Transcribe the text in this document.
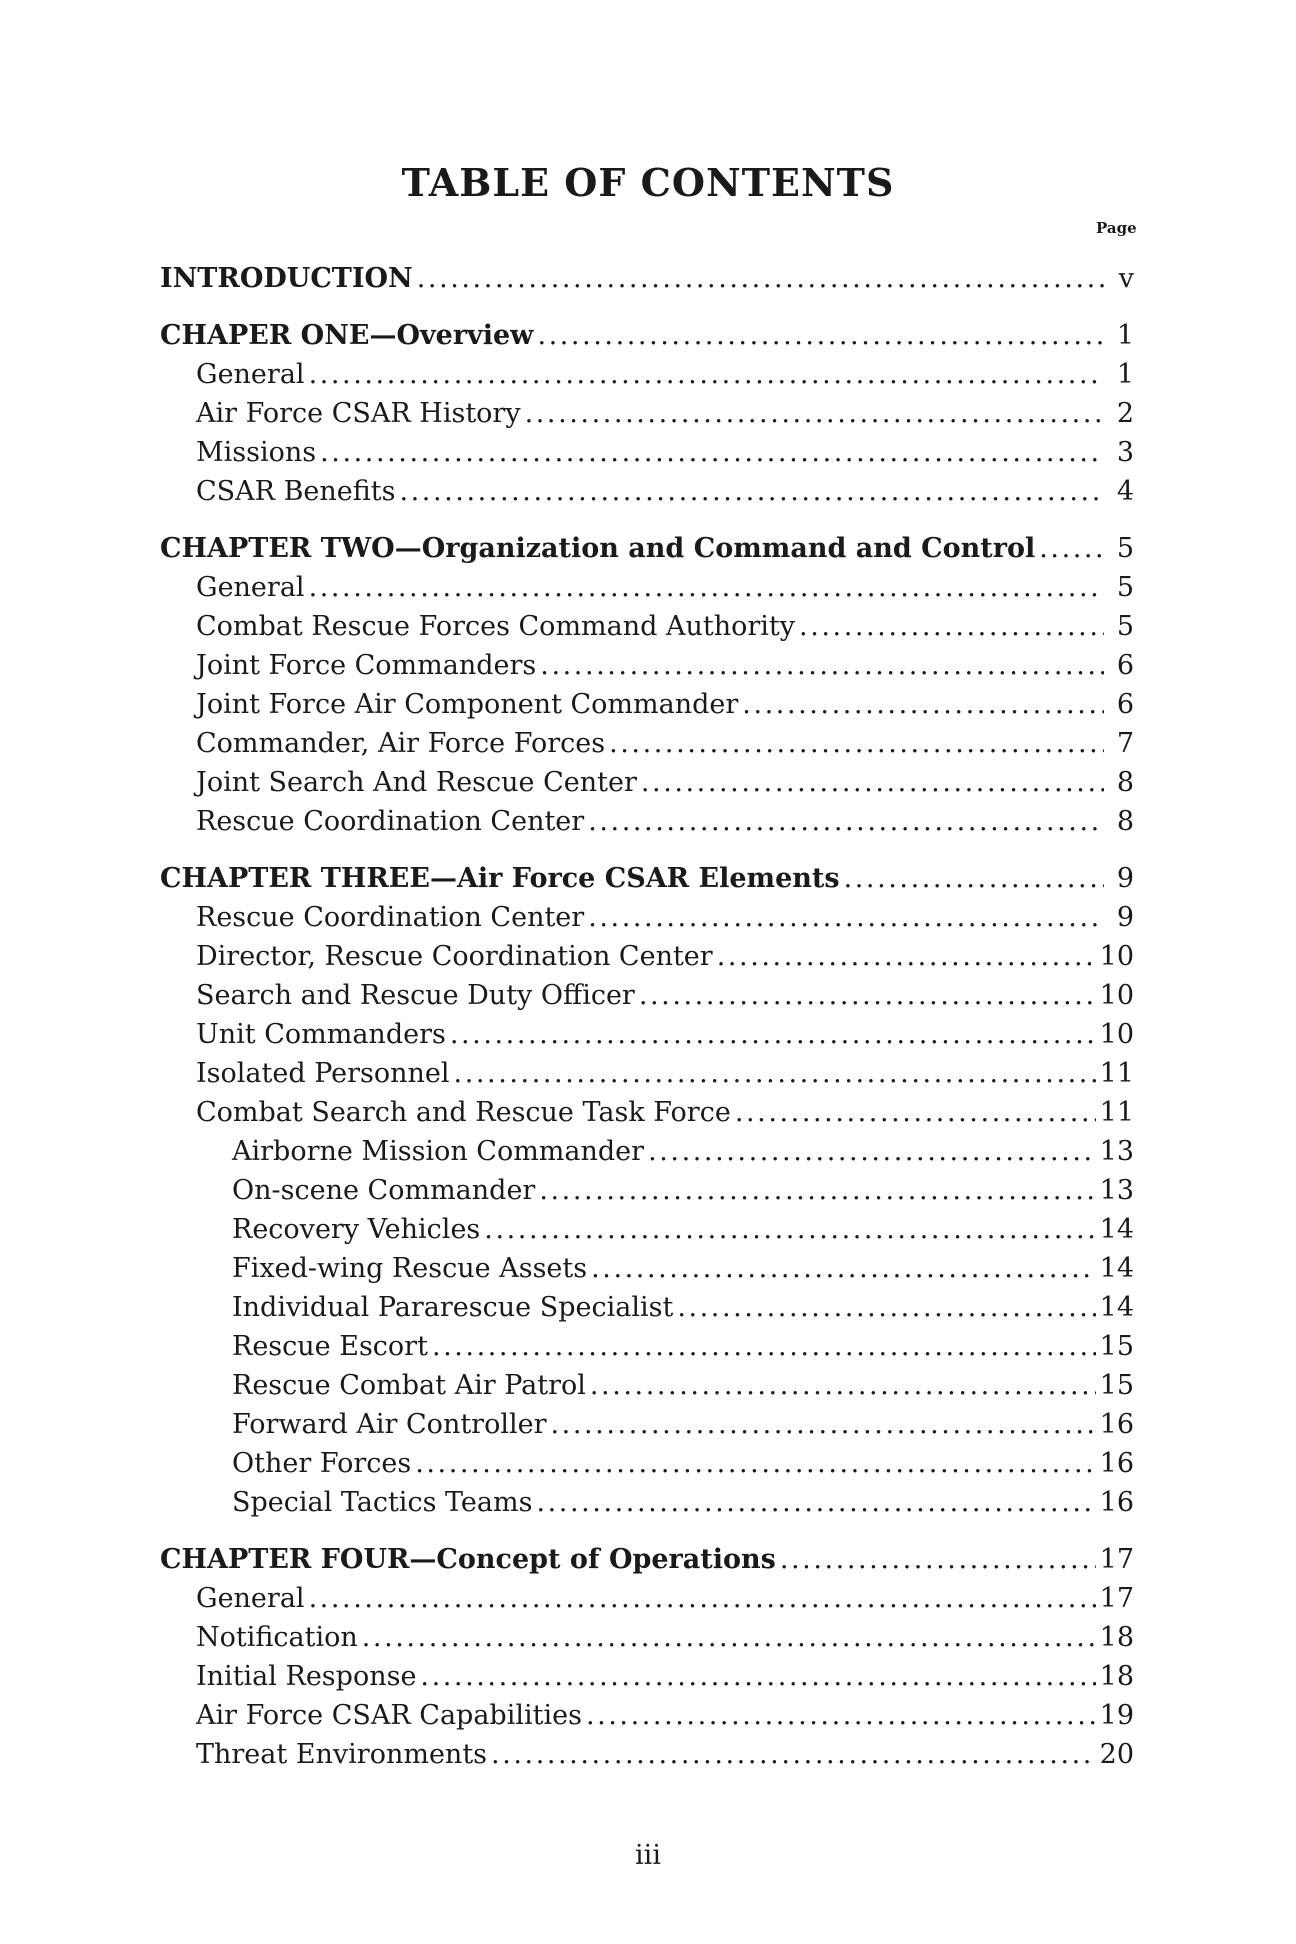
TABLE OF CONTENTS
Page
INTRODUCTION . . .	v
CHAPER ONE—Overview . . .	1
General . . .	1
Air Force CSAR History . . .	2
Missions . . .	3
CSAR Benefits . . .	4
CHAPTER TWO—Organization and Command and Control . . .	5
General . . .	5
Combat Rescue Forces Command Authority . . .	5
Joint Force Commanders . . .	6
Joint Force Air Component Commander . . .	6
Commander, Air Force Forces . . .	7
Joint Search And Rescue Center . . .	8
Rescue Coordination Center . . .	8
CHAPTER THREE—Air Force CSAR Elements . . .	9
Rescue Coordination Center . . .	9
Director, Rescue Coordination Center . . .	10
Search and Rescue Duty Officer . . .	10
Unit Commanders . . .	10
Isolated Personnel . . .	11
Combat Search and Rescue Task Force . . .	11
Airborne Mission Commander . . .	13
On-scene Commander . . .	13
Recovery Vehicles . . .	14
Fixed-wing Rescue Assets . . .	14
Individual Pararescue Specialist . . .	14
Rescue Escort . . .	15
Rescue Combat Air Patrol . . .	15
Forward Air Controller . . .	16
Other Forces . . .	16
Special Tactics Teams . . .	16
CHAPTER FOUR—Concept of Operations . . .	17
General . . .	17
Notification . . .	18
Initial Response . . .	18
Air Force CSAR Capabilities . . .	19
Threat Environments . . .	20
iii
